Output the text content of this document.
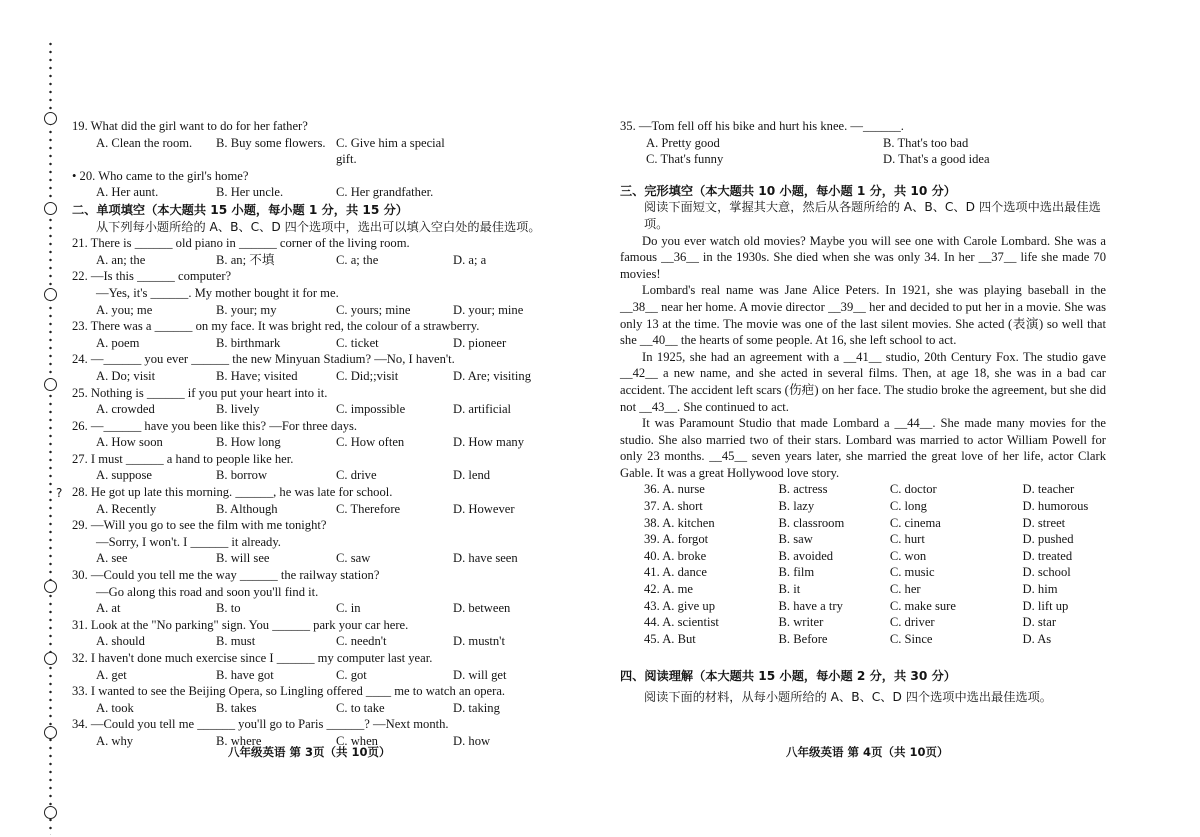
?
19. What did the girl want to do for her father?
A. Clean the room.	B. Buy some flowers. C. Give him a special gift.
• 20. Who came to the girl's home?
A. Her aunt.	B. Her uncle.	C. Her grandfather.
二、单项填空（本大题共 15 小题，每小题 1 分，共 15 分）
从下列每小题所给的 A、B、C、D 四个选项中，选出可以填入空白处的最佳选项。
21. There is ______ old piano in ______ corner of the living room.
A. an; the	B. an; 不填	C. a; the	D. a; a
22. —Is this ______ computer?
—Yes, it's ______. My mother bought it for me.
A. you; me	B. your; my	C. yours; mine	D. your; mine
23. There was a ______ on my face. It was bright red, the colour of a strawberry.
A. poem	B. birthmark	C. ticket	D. pioneer
24. —______ you ever ______ the new Minyuan Stadium? —No, I haven't.
A. Do; visit	B. Have; visited	C. Did;;visit	D. Are; visiting
25. Nothing is ______ if you put your heart into it.
A. crowded	B. lively	C. impossible	D. artificial
26. —______ have you been like this? —For three days.
A. How soon	B. How long	C. How often	D. How many
27. I must ______ a hand to people like her.
A. suppose	B. borrow	C. drive	D. lend
28. He got up late this morning. ______, he was late for school.
A. Recently	B. Although	C. Therefore	D. However
29. —Will you go to see the film with me tonight?
—Sorry, I won't. I ______ it already.
A. see	B. will see	C. saw	D. have seen
30. —Could you tell me the way ______ the railway station?
—Go along this road and soon you'll find it.
A. at	B. to	C. in	D. between
31. Look at the "No parking" sign. You ______ park your car here.
A. should	B. must	C. needn't	D. mustn't
32. I haven't done much exercise since I ______ my computer last year.
A. get	B. have got	C. got	D. will get
33. I wanted to see the Beijing Opera, so Lingling offered ____ me to watch an opera.
A. took	B. takes	C. to take	D. taking
34. —Could you tell me ______ you'll go to Paris ______? —Next month.
A. why	B. where	C. when	D. how
八年级英语 第 3页（共 10页）
35. —Tom fell off his bike and hurt his knee. —______.
A. Pretty good	B. That's too bad
C. That's funny	D. That's a good idea
三、完形填空（本大题共 10 小题，每小题 1 分，共 10 分）
阅读下面短文，掌握其大意，然后从各题所给的 A、B、C、D 四个选项中选出最佳选项。
Do you ever watch old movies? Maybe you will see one with Carole Lombard. She was a famous __36__ in the 1930s. She died when she was only 34. In her __37__ life she made 70 movies!
Lombard's real name was Jane Alice Peters. In 1921, she was playing baseball in the __38__ near her home. A movie director __39__ her and decided to put her in a movie. She was only 13 at the time. The movie was one of the last silent movies. She acted (表演) so well that she __40__ the hearts of some people. At 16, she left school to act.
In 1925, she had an agreement with a __41__ studio, 20th Century Fox. The studio gave __42__ a new name, and she acted in several films. Then, at age 18, she was in a bad car accident. The accident left scars (伤疤) on her face. The studio broke the agreement, but she did not __43__. She continued to act.
It was Paramount Studio that made Lombard a __44__. She made many movies for the studio. She also married two of their stars. Lombard was married to actor William Powell for only 23 months. __45__ seven years later, she married the great love of her life, actor Clark Gable. It was a great Hollywood love story.
36. A. nurse	B. actress	C. doctor	D. teacher
37. A. short	B. lazy	C. long	D. humorous
38. A. kitchen	B. classroom	C. cinema	D. street
39. A. forgot	B. saw	C. hurt	D. pushed
40. A. broke	B. avoided	C. won	D. treated
41. A. dance	B. film	C. music	D. school
42. A. me	B. it	C. her	D. him
43. A. give up	B. have a try	C. make sure	D. lift up
44. A. scientist	B. writer	C. driver	D. star
45. A. But	B. Before	C. Since	D. As
四、阅读理解（本大题共 15 小题，每小题 2 分，共 30 分）
阅读下面的材料，从每小题所给的 A、B、C、D 四个选项中选出最佳选项。
八年级英语 第 4页（共 10页）
